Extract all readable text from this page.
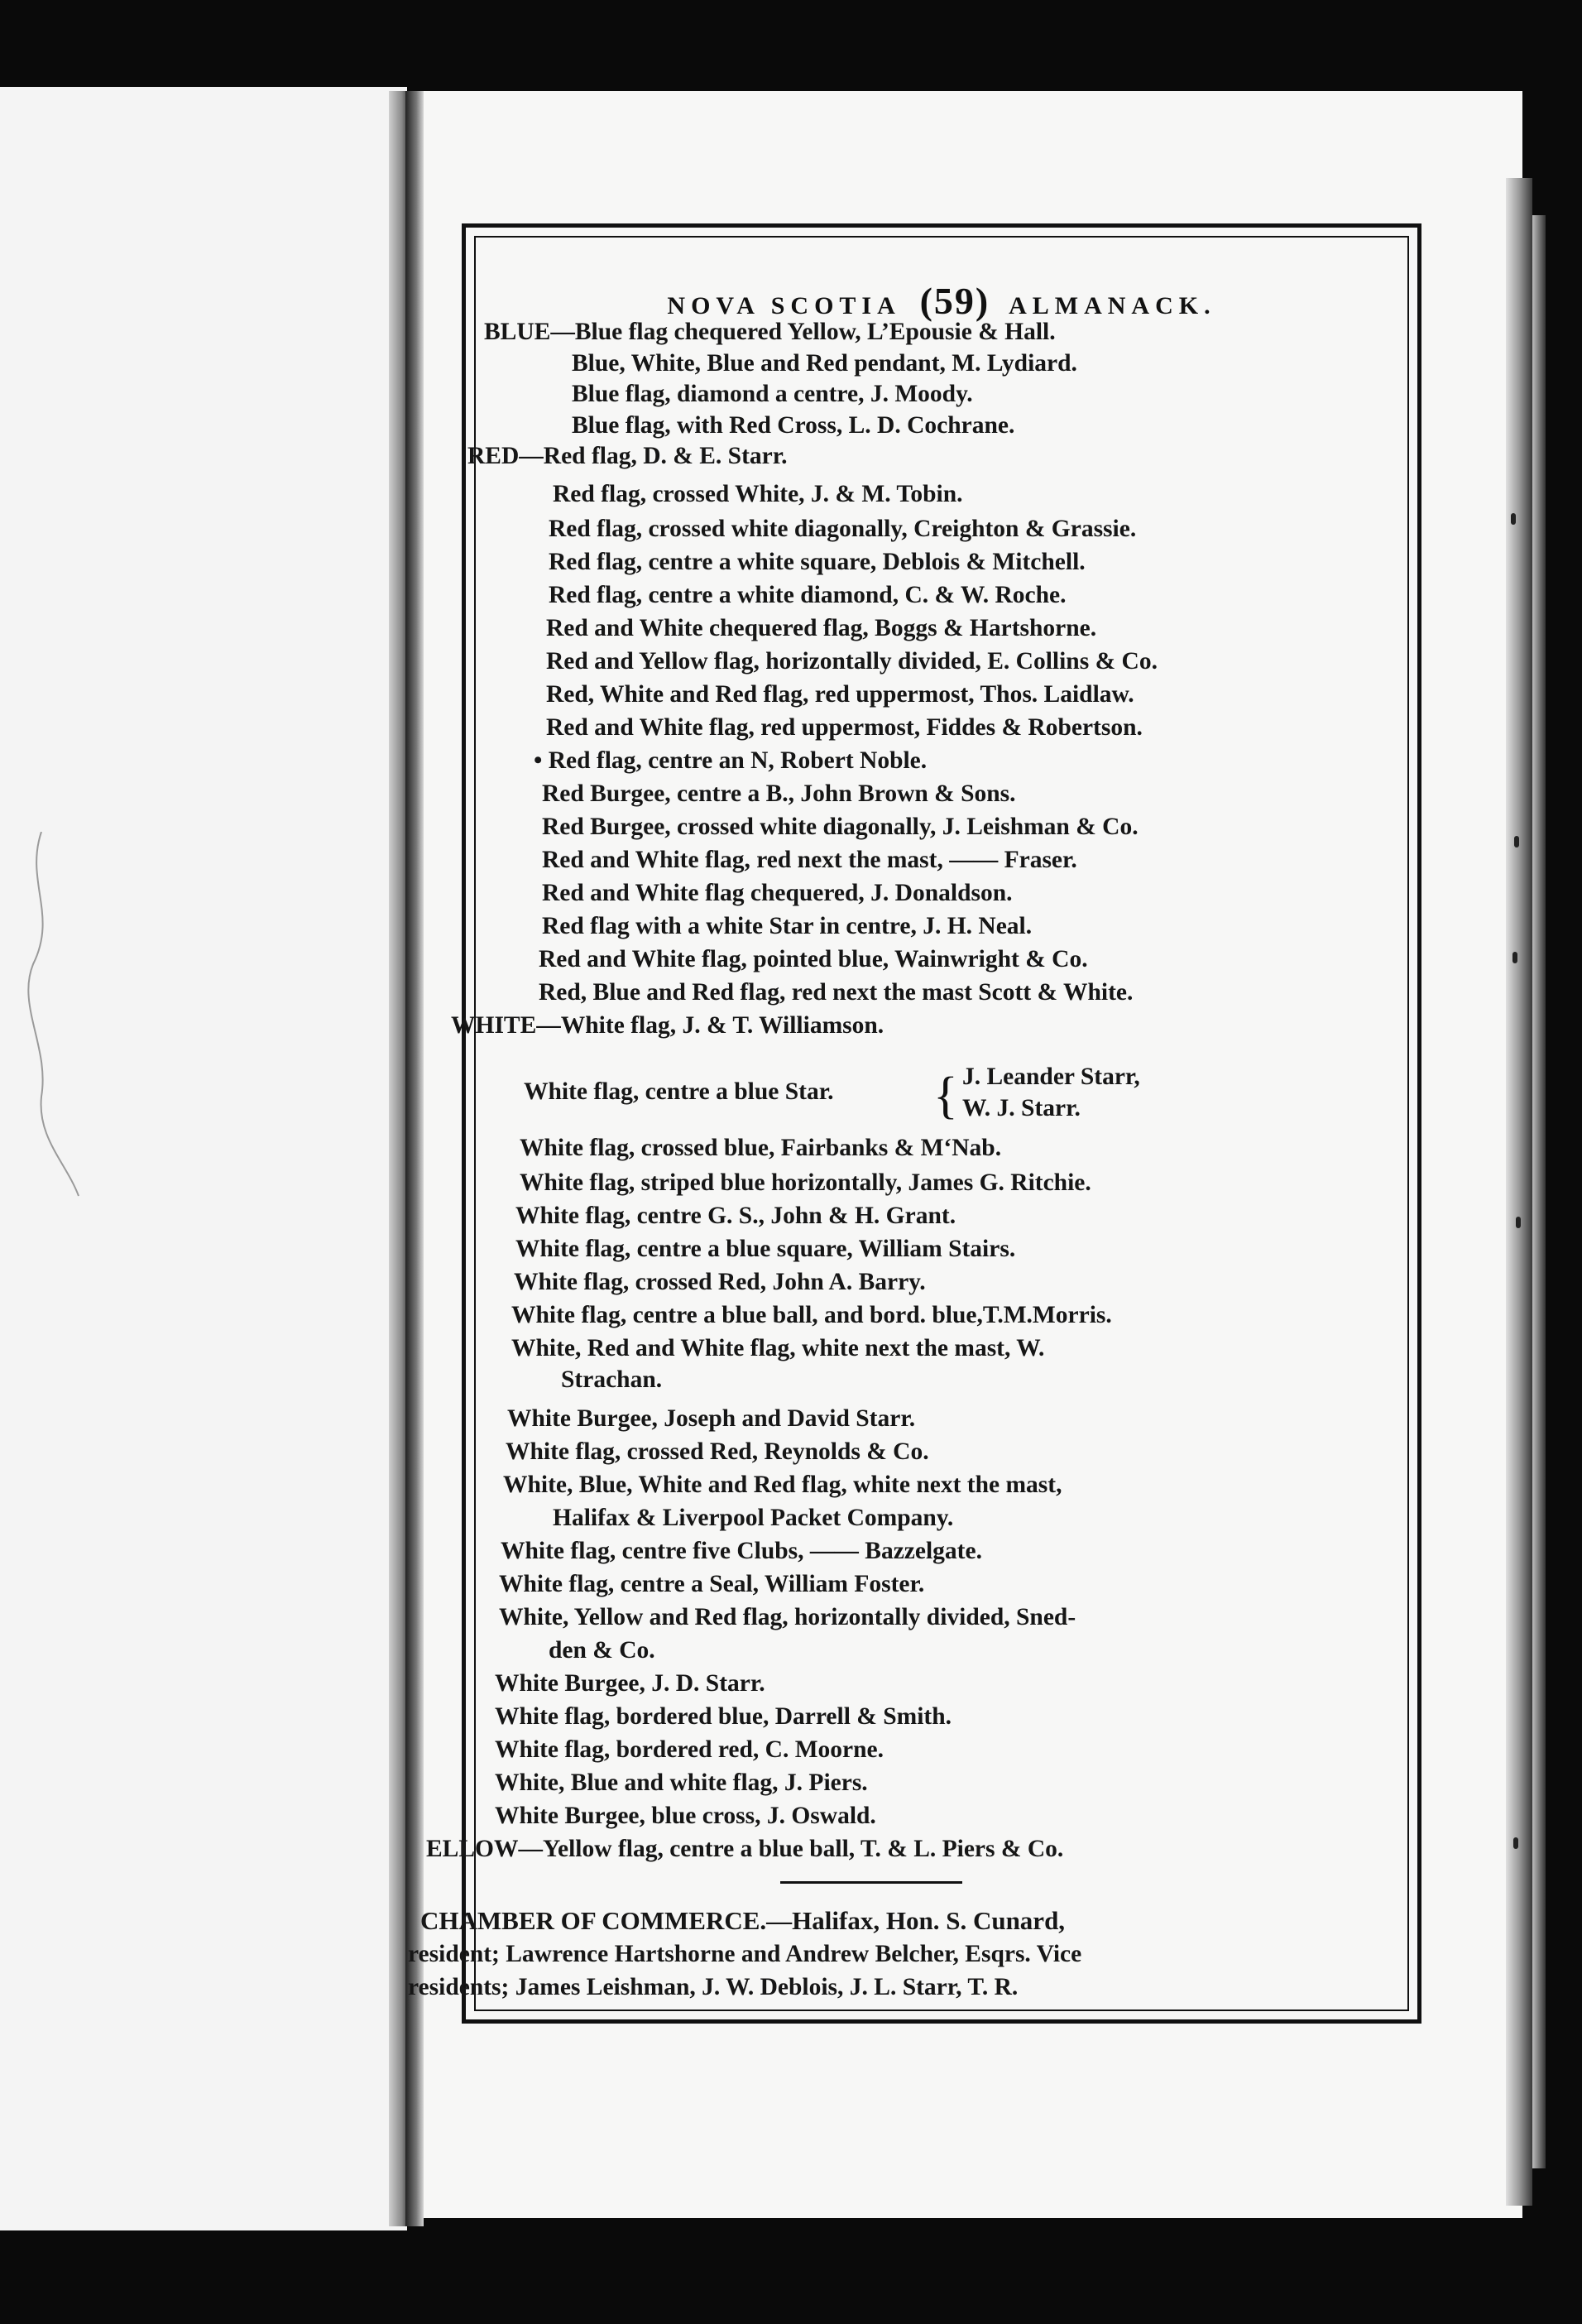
NOVA SCOTIA (59) ALMANACK.
BLUE—Blue flag chequered Yellow, L’Epousie & Hall.
Blue, White, Blue and Red pendant, M. Lydiard.
Blue flag, diamond a centre, J. Moody.
Blue flag, with Red Cross, L. D. Cochrane.
RED—Red flag, D. & E. Starr.
Red flag, crossed White, J. & M. Tobin.
Red flag, crossed white diagonally, Creighton & Grassie.
Red flag, centre a white square, Deblois & Mitchell.
Red flag, centre a white diamond, C. & W. Roche.
Red and White chequered flag, Boggs & Hartshorne.
Red and Yellow flag, horizontally divided, E. Collins & Co.
Red, White and Red flag, red uppermost, Thos. Laidlaw.
Red and White flag, red uppermost, Fiddes & Robertson.
• Red flag, centre an N, Robert Noble.
Red Burgee, centre a B., John Brown & Sons.
Red Burgee, crossed white diagonally, J. Leishman & Co.
Red and White flag, red next the mast, —— Fraser.
Red and White flag chequered, J. Donaldson.
Red flag with a white Star in centre, J. H. Neal.
Red and White flag, pointed blue, Wainwright & Co.
Red, Blue and Red flag, red next the mast Scott & White.
WHITE—White flag, J. & T. Williamson.
White flag, centre a blue Star. { J. Leander Starr,
W. J. Starr.
White flag, crossed blue, Fairbanks & M‘Nab.
White flag, striped blue horizontally, James G. Ritchie.
White flag, centre G. S., John & H. Grant.
White flag, centre a blue square, William Stairs.
White flag, crossed Red, John A. Barry.
White flag, centre a blue ball, and bord. blue,T.M.Morris.
White, Red and White flag, white next the mast, W.
Strachan.
White Burgee, Joseph and David Starr.
White flag, crossed Red, Reynolds & Co.
White, Blue, White and Red flag, white next the mast,
Halifax & Liverpool Packet Company.
White flag, centre five Clubs, —— Bazzelgate.
White flag, centre a Seal, William Foster.
White, Yellow and Red flag, horizontally divided, Sned-
den & Co.
White Burgee, J. D. Starr.
White flag, bordered blue, Darrell & Smith.
White flag, bordered red, C. Moorne.
White, Blue and white flag, J. Piers.
White Burgee, blue cross, J. Oswald.
ELLOW—Yellow flag, centre a blue ball, T. & L. Piers & Co.
CHAMBER OF COMMERCE.—Halifax, Hon. S. Cunard,
resident; Lawrence Hartshorne and Andrew Belcher, Esqrs. Vice
residents; James Leishman, J. W. Deblois, J. L. Starr, T. R.
